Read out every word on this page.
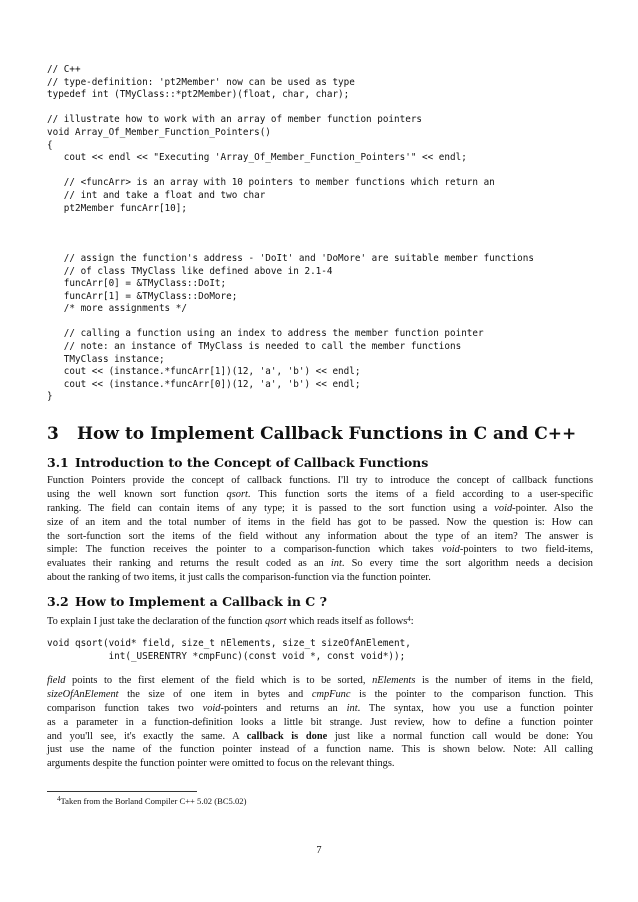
// C++
// type-definition: 'pt2Member' now can be used as type
typedef int (TMyClass::*pt2Member)(float, char, char);
// illustrate how to work with an array of member function pointers
void Array_Of_Member_Function_Pointers()
{
cout << endl << "Executing 'Array_Of_Member_Function_Pointers'" << endl;
// <funcArr> is an array with 10 pointers to member functions which return an
// int and take a float and two char
pt2Member funcArr[10];
// assign the function's address - 'DoIt' and 'DoMore' are suitable member functions
// of class TMyClass like defined above in 2.1-4
funcArr[0] = &TMyClass::DoIt;
funcArr[1] = &TMyClass::DoMore;
/* more assignments */
// calling a function using an index to address the member function pointer
// note: an instance of TMyClass is needed to call the member functions
TMyClass instance;
cout << (instance.*funcArr[1])(12, 'a', 'b') << endl;
cout << (instance.*funcArr[0])(12, 'a', 'b') << endl;
}
3 How to Implement Callback Functions in C and C++
3.1 Introduction to the Concept of Callback Functions
Function Pointers provide the concept of callback functions. I'll try to introduce the concept of callback functions
using the well known sort function qsort. This function sorts the items of a field according to a user-specific
ranking. The field can contain items of any type; it is passed to the sort function using a void-pointer. Also the
size of an item and the total number of items in the field has got to be passed. Now the question is: How can
the sort-function sort the items of the field without any information about the type of an item? The answer is
simple: The function receives the pointer to a comparison-function which takes void-pointers to two field-items,
evaluates their ranking and returns the result coded as an int. So every time the sort algorithm needs a decision
about the ranking of two items, it just calls the comparison-function via the function pointer.
3.2 How to Implement a Callback in C ?
To explain I just take the declaration of the function qsort which reads itself as follows$^4$:
void qsort(void* field, size_t nElements, size_t sizeOfAnElement,
int(_USERENTRY *cmpFunc)(const void *, const void*));
field points to the first element of the field which is to be sorted, nElements is the number of items in the field,
sizeOfAnElement the size of one item in bytes and cmpFunc is the pointer to the comparison function. This
comparison function takes two void-pointers and returns an int. The syntax, how you use a function pointer
as a parameter in a function-definition looks a little bit strange. Just review, how to define a function pointer
and you'll see, it's exactly the same. A callback is done just like a normal function call would be done: You
just use the name of the function pointer instead of a function name. This is shown below. Note: All calling
arguments despite the function pointer were omitted to focus on the relevant things.

$^4$Taken from the Borland Compiler C++ 5.02 (BC5.02)

7
